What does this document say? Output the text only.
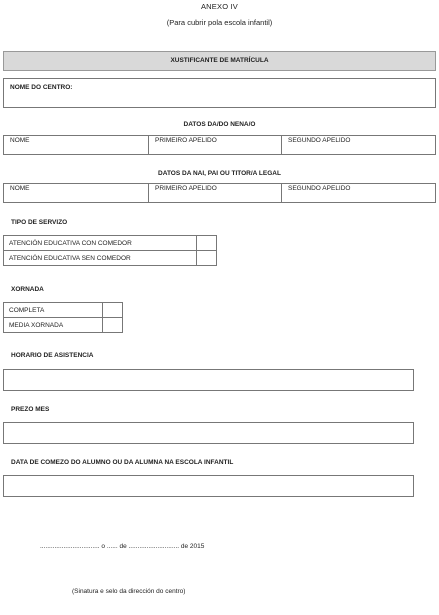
ANEXO IV
(Para cubrir pola escola infantil)
XUSTIFICANTE DE MATRÍCULA
NOME DO CENTRO:
DATOS DA/DO NENA/O
NOME	PRIMEIRO APELIDO	SEGUNDO APELIDO
DATOS DA NAI, PAI OU TITOR/A LEGAL
NOME	PRIMEIRO APELIDO	SEGUNDO APELIDO
TIPO DE SERVIZO
ATENCIÓN EDUCATIVA CON COMEDOR	
ATENCIÓN EDUCATIVA SEN COMEDOR	
XORNADA
COMPLETA	
MEDIA XORNADA	
HORARIO DE ASISTENCIA
PREZO MES
DATA DE COMEZO DO ALUMNO OU DA ALUMNA NA ESCOLA INFANTIL
................................. o ...... de ............................ de 2015
(Sinatura e selo da dirección do centro)
